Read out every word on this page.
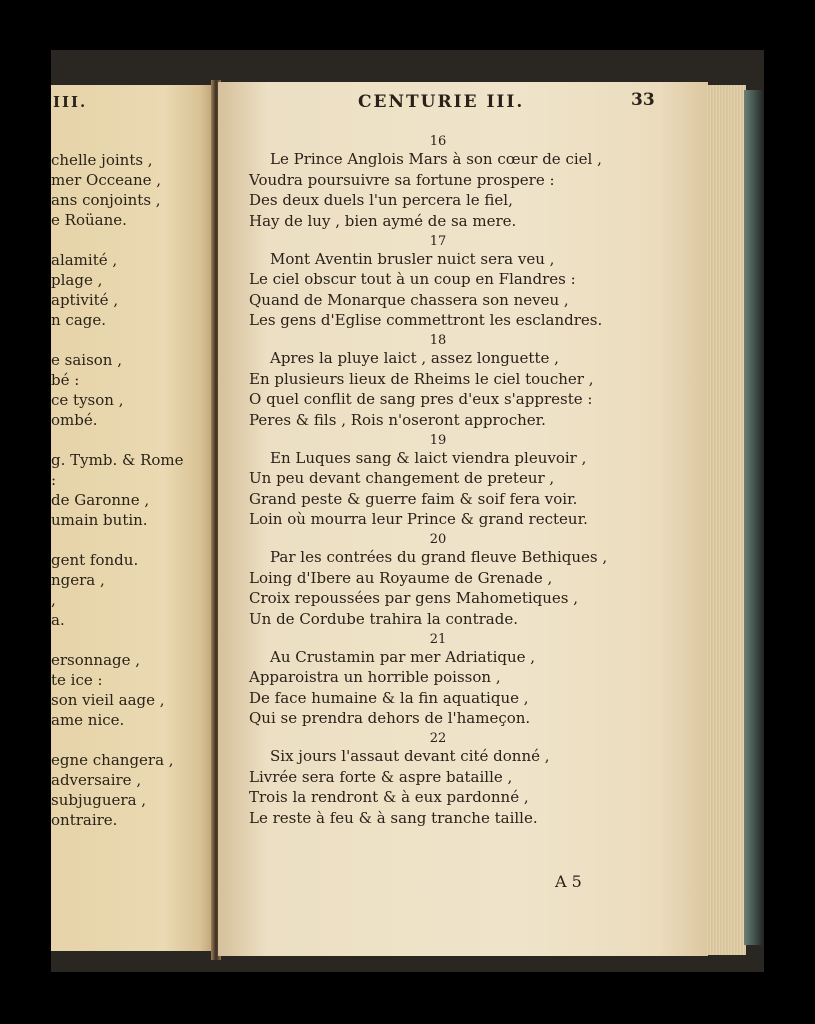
III.
chelle joints ,
mer Occeane ,
ans conjoints ,
e Roüane.
alamité ,
plage ,
aptivité ,
n cage.
e saison ,
bé :
ce tyson ,
ombé.
g. Tymb. & Rome
:
de Garonne ,
umain butin.
gent fondu.
ngera ,
,
a.
ersonnage ,
te ice :
son vieil aage ,
ame nice.
egne changera ,
adversaire ,
subjuguera ,
ontraire.
CENTURIE III.	33
16
Le Prince Anglois Mars à son cœur de ciel ,
Voudra poursuivre sa fortune prospere :
Des deux duels l'un percera le fiel,
Hay de luy , bien aymé de sa mere.
17
Mont Aventin brusler nuict sera veu ,
Le ciel obscur tout à un coup en Flandres :
Quand de Monarque chassera son neveu ,
Les gens d'Eglise commettront les esclandres.
18
Apres la pluye laict , assez longuette ,
En plusieurs lieux de Rheims le ciel toucher ,
O quel conflit de sang pres d'eux s'appreste :
Peres & fils , Rois n'oseront approcher.
19
En Luques sang & laict viendra pleuvoir ,
Un peu devant changement de preteur ,
Grand peste & guerre faim & soif fera voir.
Loin où mourra leur Prince & grand recteur.
20
Par les contrées du grand fleuve Bethiques ,
Loing d'Ibere au Royaume de Grenade ,
Croix repoussées par gens Mahometiques ,
Un de Cordube trahira la contrade.
21
Au Crustamin par mer Adriatique ,
Apparoistra un horrible poisson ,
De face humaine & la fin aquatique ,
Qui se prendra dehors de l'hameçon.
22
Six jours l'assaut devant cité donné ,
Livrée sera forte & aspre bataille ,
Trois la rendront & à eux pardonné ,
Le reste à feu & à sang tranche taille.
A 5
